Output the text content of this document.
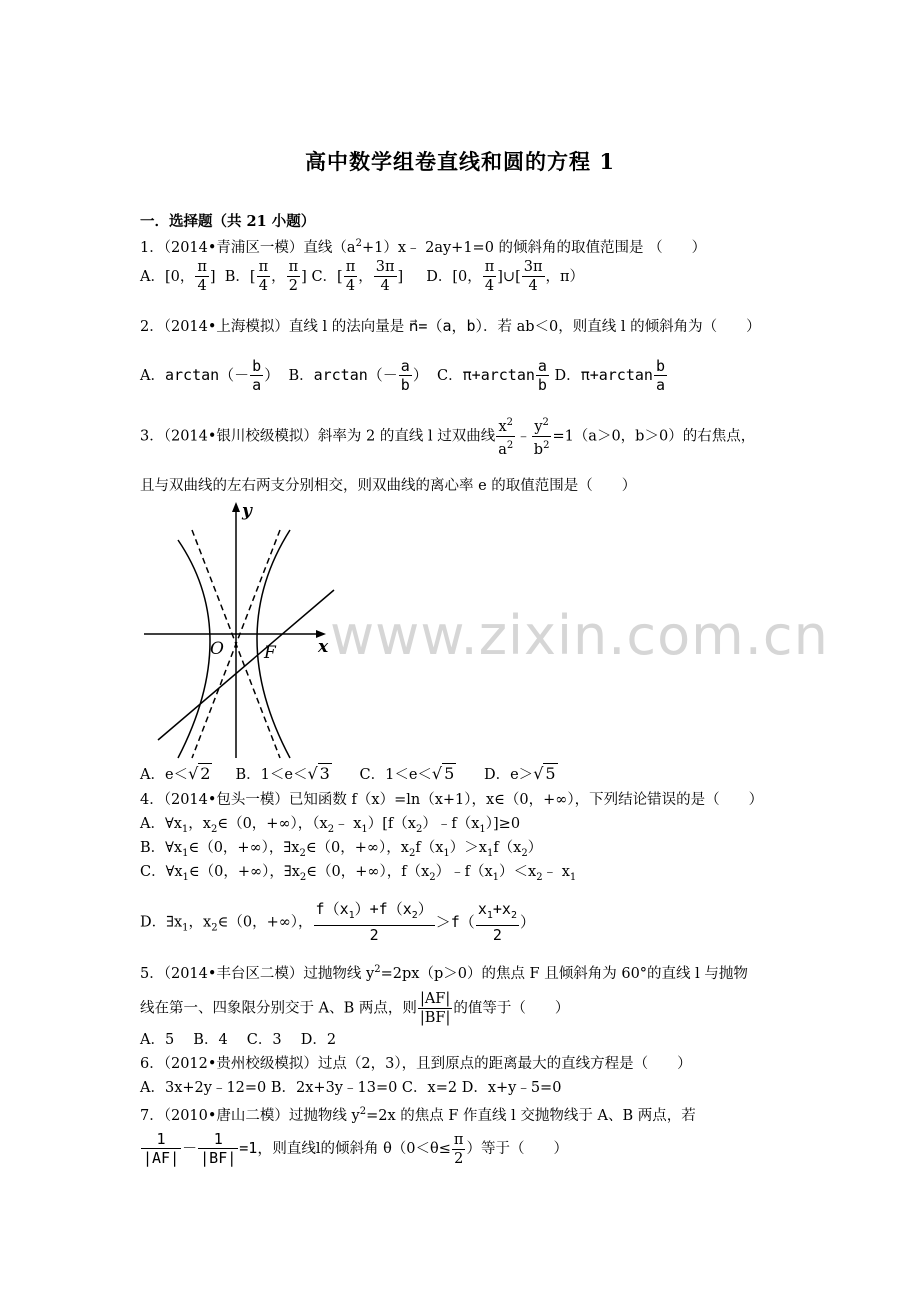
高中数学组卷直线和圆的方程 1
一．选择题（共 21 小题）
1．（2014•青浦区一模）直线$(a^2+1)x﹣$ 2ay+1=0 的倾斜角的取值范围是 （　　）
A．[0， $\frac{\pi}{4}$ ] B．[ $\frac{\pi}{4}$ ， $\frac{\pi}{2}$ ] C．[ $\frac{\pi}{4}$ ， $\frac{3\pi}{4}$ ] D．[0， $\frac{\pi}{4}$ ]∪[ $\frac{3\pi}{4}$ ，π）
2．（2014•上海模拟）直线 l 的法向量是 n⃗=（a，b）．若 ab＜0，则直线 l 的倾斜角为（　　）
A．$\arctan(- \frac{b}{a}$ ） B．$\arctan(- \frac{a}{b}$ ） C．$\pi+\arctan \frac{a}{b}$ D．$\pi+\arctan \frac{b}{a}$
3．（2014•银川校级模拟）斜率为 2 的直线 l 过双曲线 $\frac{x^2}{a^2}$ ﹣ $\frac{y^2}{b^2} =1(a>0$，b＞0）的右焦点，
且与双曲线的左右两支分别相交，则双曲线的离心率 e 的取值范围是（　　）
y
x
O F www.zixin.com.cn
A．e＜√ 2 B．1＜e＜√ 3 C．1＜e＜√ 5 D．e＞√ 5
4．（2014•包头一模）已知函数 f（x）=ln（x+1），x∈（0，+∞），下列结论错误的是（　　）
A．$\forall x_1$，$x_2\in(0$，+∞），（$x_2﹣$ $x_1)[f(x_2)﹣f(x_1)]\ge 0$
B．$\forall x_1\in(0$，+∞），$\exists x_2\in(0$，+∞），$x_2f(x_1)>x_1f(x_2)$
C．$\forall x_1\in(0$，+∞），$\exists x_2\in(0$，+∞），$f(x_2)﹣f(x_1)<x_2﹣$ $x_1$
D．$\exists x_1$，$x_2\in(0$，+∞）， $\frac{f(x_1)+f(x_2)}{2} >f( \frac{x_1+x_2}{2}$ ）
5．（2014•丰台区二模）过抛物线 $y^2=2px(p>0)$的焦点 F 且倾斜角为 60°的直线 l 与抛物
线在第一、四象限分别交于 A、B 两点，则 $\frac{|AF|}{|BF|}$ 的值等于（　　）
A．5　 B．4　 C．3　 D．2
6．（2012•贵州校级模拟）过点（2，3），且到原点的距离最大的直线方程是（　　）
A．3x+2y﹣12=0 B．2x+3y﹣13=0 C．x=2 D．x+y﹣5=0
7．（2010•唐山二模）过抛物线 $y^2=2x$ 的焦点 F 作直线 l 交抛物线于 A、B 两点，若
$\frac{1}{|AF|} - \frac{1}{|BF|} =1$，则直线l的倾斜角 $\theta(0<\theta\le \frac{\pi}{2}$ ）等于（　　）
